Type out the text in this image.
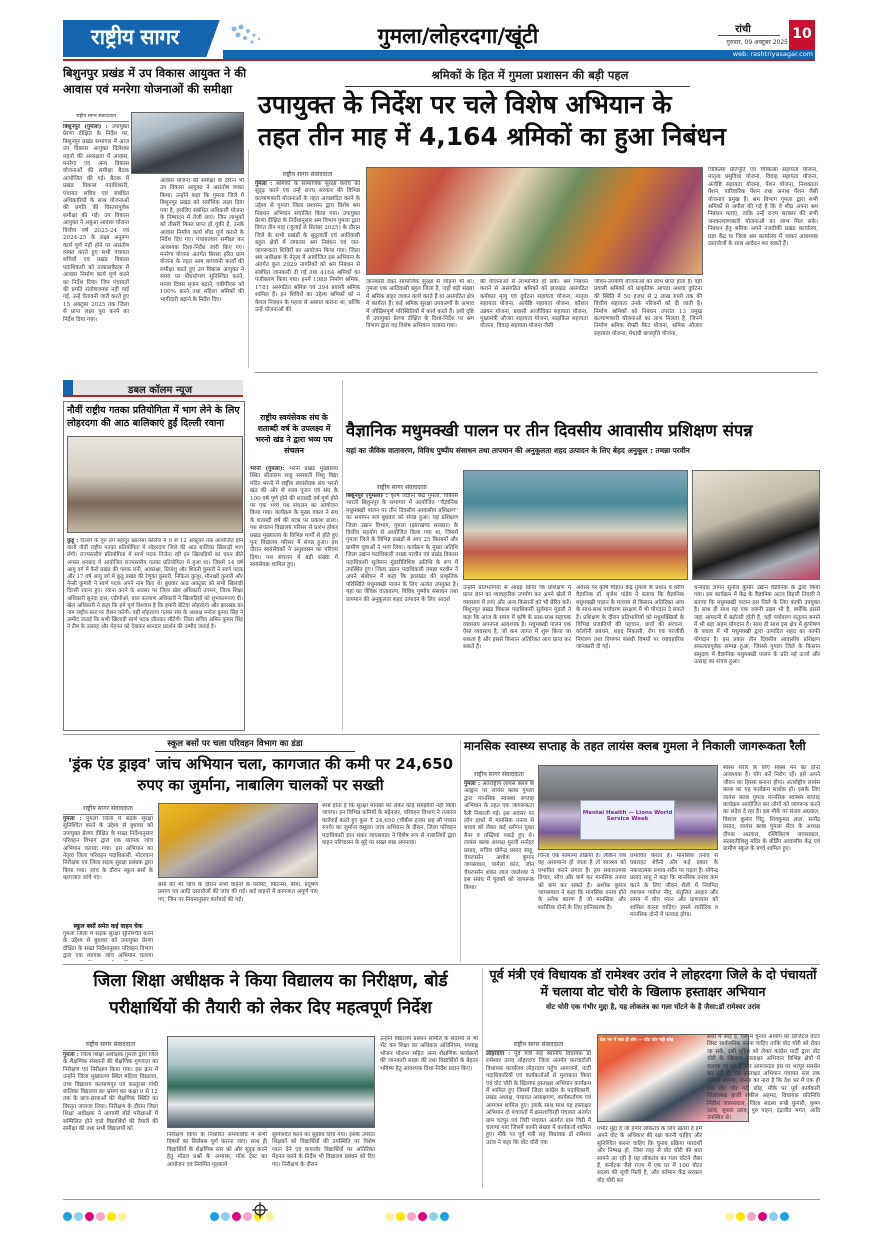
राष्ट्रीय सागर	गुमला/लोहरदगा/खूंटी	रांची
गुरुवार, 09 अक्टूबर 2025
10
web: rashtriyasagar.com
बिशुनपुर प्रखंड में उप विकास आयुक्त ने की आवास एवं मनरेगा योजनाओं की समीक्षा
राष्ट्रीय सागर संवाददाता
बिशुनपुर (गुमला) : उपायुक्त प्रेरणा दीक्षित के निर्देश पर, बिशुनपुर प्रखंड सभागार में आज उप विकास आयुक्त दिलेश्वर महतो की अध्यक्षता में आवास, मनरेगा एवं अन्य विकास योजनाओं की समीक्षा बैठक आयोजित की गई। बैठक में प्रखंड विकास पदाधिकारी, पंचायत सचिव एवं संबंधित अधिकारियों के साथ योजनाओं की प्रगति की विस्तारपूर्वक समीक्षा की गई। उप विकास आयुक्त ने अबुआ आवास योजना वित्तीय वर्ष 2023-24 एवं 2024-25 के लक्ष्य अनुरूप कार्य पूर्ण नहीं होने पर असंतोष व्यक्त करते हुए सभी पंचायत सचिवों एवं प्रखंड विकास पदाधिकारी को तत्कालबैठक में आवास निर्माण कार्य पूर्ण करने का निर्देश दिया। जिन पंचायतों की प्रगति संतोषजनक नहीं पाई गई, उन्हें चेतावनी जारी करते हुए 15 अक्टूबर 2025 तक जिला से प्राप्त लक्ष्य पूरा करने का निर्देश दिया गया।
आवास योजना की समीक्षा के दौरान भी उप विकास आयुक्त ने असंतोष व्यक्त किया। उन्होंने कहा कि गुमला जिले में बिशुनपुर प्रखंड को सर्वाधिक लक्ष्य दिया गया है, इसलिए संबंधित अधिकारी योजना के निष्पादन में तेजी लाएं। जिन लाभुकों को तीसरी किस्त प्राप्त हो चुकी है, उनके आवास निर्माण कार्य शीघ्र पूर्ण कराने के निर्देश दिए गए। पंचायतवार समीक्षा कर आवश्यक दिशा-निर्देश जारी किए गए। मनरेगा योजना अंतर्गत बिरसा हरित ग्राम योजना के तहत आम बागवानी कार्यों की समीक्षा करते हुए उप विकास आयुक्त ने समय पर पौधारोपण सुनिश्चित करने, मानव दिवस सृजन बढ़ाने, एबीपीएस को 100% करने तथा महिला श्रमिकों की भागीदारी बढ़ाने के निर्देश दिए।
श्रमिकों के हित में गुमला प्रशासन की बड़ी पहल
उपायुक्त के निर्देश पर चले विशेष अभियान के
तहत तीन माह में 4,164 श्रमिकों का हुआ निबंधन
राष्ट्रीय सागर संवाददाता
गुमला : श्रमिकों के सामाजिक सुरक्षा कवच को सुदृढ़ करने एवं उन्हें राज्य सरकार की विभिन्न कल्याणकारी योजनाओं के तहत आच्छादित करने के उद्देश्य से गुमला जिला प्रशासन द्वारा विशेष श्रम निबंधन अभियान संचालित किया गया। उपायुक्त प्रेरणा दीक्षित के निर्देशानुसार श्रम विभाग गुमला द्वारा विगत तीन माह (जुलाई से सितंबर 2025) के दौरान जिले के सभी प्रखंडों के सुदूरवर्ती एवं आदिवासी बहुल क्षेत्रों में लगातार श्रम निबंधन एवं जन-जागरूकता शिविरों का आयोजन किया गया। जिला श्रम अधीक्षक के नेतृत्व में आयोजित इस अभियान के अंतर्गत कुल 2929 नागरिकों को श्रम निबंधन से संबंधित जानकारी दी गई तथा 4164 श्रमिकों का पंजीकरण किया गया। इनमें 1989 निर्माण श्रमिक, 1781 असंगठित श्रमिक एवं 394 प्रवासी श्रमिक शामिल हैं। इन शिविरों का उद्देश्य श्रमिकों को न केवल निबंधन के महत्व से अवगत कराना था, बल्कि उन्हें योजनाओं की
जानकारी देकर सामाजिक सुरक्षा से जोड़ना भी था। गुमला एक आदिवासी बहुल जिला है, जहाँ बड़ी संख्या में श्रमिक बाहर जाकर कार्य करते हैं या असंगठित क्षेत्र में कार्यरत हैं। कई श्रमिक सुरक्षा उपकरणों के अभाव में जोखिमपूर्ण परिस्थितियों में कार्य करते हैं। इसी दृष्टि से उपायुक्त प्रेरणा दीक्षित के दिशा-निर्देश पर श्रम विभाग द्वारा यह विशेष अभियान चलाया गया।
की योजनाओं से लाभान्वित हो सकें। श्रम निबंधन कराने से असंगठित श्रमिकों को झारखंड असंगठित कर्मकार मृत्यु एवं दुर्घटना सहायता योजना, मातृत्व सहायता योजना, अंत्येष्टि सहायता योजना, कौशल उन्नयन योजना, प्रवासी आजीविका सहायता योजना, मुख्यमंत्री औजार सहायता योजना, साइकिल सहायता योजना, विवाह सहायता योजना जैसी
जीवन-उपयोगी योजनाओं का लाभ प्राप्त होता है। वहीं प्रवासी श्रमिकों को प्राकृतिक आपदा अथवा दुर्घटना की स्थिति में 50 हजार से 2 लाख रुपये तक की वित्तीय सहायता उनके परिजनों को दी जाती है। निर्माण श्रमिकों को निबंधन उपरांत 13 प्रमुख कल्याणकारी योजनाओं का लाभ मिलता है, जिनमें निर्माण श्रमिक सेफ्टी किट योजना, श्रमिक औजार सहायता योजना, मेधावी छात्रवृत्ति योजना,
चिकित्सा प्रतिपूर्ति एवं चिकित्सा सहायता योजना, मातृत्व प्रसुविधा योजना, विवाह सहायता योजना, अंत्येष्टि सहायता योजना, पेंशन योजना, निशक्तता पेंशन, पारिवारिक पेंशन तथा अनाथ पेंशन जैसी योजनाएं प्रमुख हैं। श्रम विभाग गुमला द्वारा सभी श्रमिकों से अपील की गई है कि वे शीघ्र अपना श्रम निबंधन कराएं, ताकि उन्हें राज्य सरकार की सभी जनकल्याणकारी योजनाओं का लाभ मिल सके। निबंधन हेतु श्रमिक अपने नजदीकी प्रखंड कार्यालय, प्रज्ञा केंद्र या जिला श्रम कार्यालय में जाकर आवश्यक दस्तावेजों के साथ आवेदन कर सकते हैं।
डबल कॉलम न्यूज
नौवीं राष्ट्रीय गतका प्रतियोगिता में भाग लेने के लिए लोहरदगा की आठ बालिकाएं हुईं दिल्ली रवाना
कुडू : दिल्ली के गुरु तेग बहादुर खालसा कॉलेज में 9 से 12 अक्टूबर तक आयोजित होने वाली नौवीं राष्ट्रीय गतका प्रतियोगिता में लोहरदगा जिले की आठ बालिका खिलाड़ी भाग लेंगी। राज्यस्तरीय प्रतियोगिता में स्वर्ण पदक विजेता रहीं इन खिलाड़ियों का चयन बीते अगस्त धनबाद में आयोजित राज्यस्तरीय गतका प्रतियोगिता में हुआ था। जिसमें 14 वर्ष आयु वर्ग में कैरो प्रखंड की पलक रानी, आकांक्षा, प्रियांशु और शिवनी कुमारी ने स्वर्ण पदक और 17 वर्ष आयु वर्ग में कुडू प्रखंड की रेणुका कुमारी, निकिता कुजूर, मीनाक्षी कुमारी और नैन्सी कुमारी ने स्वर्ण पदक अपने नाम किए थे। बुधवार आठ अक्टूबर को सभी खिलाड़ी दिल्ली रवाना हुए। रवाना करने के अवसर पर जिला खेल अधिकारी उपमन, जिला शिक्षा अधिकारी सुनंदा दास, एडीपीओ, बाल कल्याण अधिकारी ने खिलाड़ियों को शुभकामनाएं दीं। खेल अधिकारी ने कहा कि हमें पूर्ण विश्वास है कि हमारी बेटियां लोहरदगा और झारखंड का नाम राष्ट्रीय स्तर पर रौशन करेंगी। वहीं लोहरदगा गतका संघ के अध्यक्ष मनोज कुमार सिंह ने उम्मीद जताई कि सभी खिलाड़ी स्वर्ण पदक जीतकर लौटेंगी। जिला सचिव अमित कुमार सिंह ने टीम के उत्साह और मेहनत को देखकर शानदार प्रदर्शन की उम्मीद जताई है।
राष्ट्रीय स्वयंसेवक संघ के शताब्दी वर्ष के उपलक्ष्य में भरनो खंड ने द्वारा भव्य पथ संचलन
भरनो (गुमला): भरनो प्रखंड मुख्यालय स्थित सीताराम साहू सरस्वती शिशु विद्या मंदिर भरनो में राष्ट्रीय स्वयंसेवक संघ भरनो खंड की ओर से शस्त्र पूजन एवं संघ के 100 वर्ष पूर्ण होने की शताब्दी वर्ष पूर्ण होने पर एक भव्य पथ संचलन का आयोजन किया गया। कार्यक्रम के मुख्य वक्ता ने संघ के शताब्दी वर्ष की यात्रा पर प्रकाश डाला। पथ संचलन विद्यालय परिसर से प्रारंभ होकर प्रखंड मुख्यालय के विभिन्न मार्गों से होते हुए पुनः विद्यालय परिसर में संपन्न हुआ। इस दौरान स्वयंसेवकों ने अनुशासन का परिचय दिया। पथ संचलन में बड़ी संख्या में स्वयंसेवक शामिल हुए।
वैज्ञानिक मधुमक्खी पालन पर तीन दिवसीय आवासीय प्रशिक्षण संपन्न
यहां का जैविक वातावरण, विविध पुष्पीय संसाधन तथा तापमान की अनुकूलता शहद उत्पादन के लिए बेहद अनुकूल : तमन्ना परवीन
राष्ट्रीय सागर संवाददाता
बिशुनपुर (गुमला) : कृषि विज्ञान केंद्र गुमला, विकास भारती बिशुनपुर के सभागार में आयोजित ''वैज्ञानिक मधुमक्खी पालन पर तीन दिवसीय आवासीय प्रशिक्षण'' का समापन सत्र बुधवार को संपन्न हुआ। यह प्रशिक्षण जिला उद्यान विभाग, गुमला (झारखण्ड सरकार) के वित्तीय सहयोग से आयोजित किया गया था, जिसमें गुमला जिले के विभिन्न प्रखंडों से आए 25 किसानों और ग्रामीण युवाओं ने भाग लिया। कार्यक्रम के मुख्य अतिथि जिला उद्यान पदाधिकारी तमन्ना परवीन एवं प्रखंड विकास पदाधिकारी सुलेमान मुंडारीविशिष्ट अतिथि के रूप में उपस्थित हुए। जिला उद्यान पदाधिकारी तमन्ना परवीन ने अपने संबोधन में कहा कि झारखंड की प्राकृतिक परिस्थिति मधुमक्खी पालन के लिए अत्यंत उपयुक्त है। यहां का जैविक वातावरण, विविध पुष्पीय संसाधन तथा तापमान की अनुकूलता शहद उत्पादन के लिए आदर्श
उन्होंने प्रतिभागियों से आग्रह किया कि प्रशिक्षण में प्राप्त ज्ञान का व्यावहारिक उपयोग कर अपने खेतों में व्यवसाय में लाएं और अन्य किसानों को भी प्रेरित करें। बिशुनपुर प्रखंड विकास पदाधिकारी सुलेमान मुंडारी ने कहा कि आज के समय में कृषि के साथ-साथ सहायक व्यवसाय अपनाना आवश्यक है। मधुमक्खी पालन एक ऐसा व्यवसाय है, जो कम लागत में शुरू किया जा सकता है और इससे किसान अतिरिक्त आय प्राप्त कर सकते हैं।
अवसर पर कृषि विज्ञान केंद्र गुमला के प्रधान व वरीय वैज्ञानिक डॉ. बृजेश पांडेय ने बताया कि वैज्ञानिक मधुमक्खी पालन के माध्यम से किसान अतिरिक्त आय के साथ-साथ पर्यावरण संरक्षण में भी योगदान दे सकते हैं। प्रशिक्षण के दौरान प्रतिभागियों को मधुमक्खियों के विभिन्न प्रजातियों की पहचान, छत्तों की संरचना, कॉलोनी प्रबंधन, शहद निकासी, रोग एवं परजीवी नियंत्रण तथा विपणन संबंधी विषयों पर व्यावहारिक जानकारी दी गई।
धन्यवाद ज्ञापन सुनील कुमार उद्यान वैज्ञानिक के द्वारा किया गया। इस कार्यक्रम में केंद्र के वैज्ञानिक अटल बिहारी तिवारी ने बताया कि मधुमक्खी पालन इस जिले के लिए काफी उपयुक्त है। साथ ही साथ यह एक जरूरी उद्यम भी है, क्योंकि इससे जहां आमदनी में बढ़ोतरी होती है, वहीं पर्यावरण संतुलन बनाने में भी बड़ा अहम योगदान है। साथ ही साथ इस क्षेत्र में कुपोषण के बचाव में भी मधुमक्खी द्वारा उत्पादित शहद का काफी योगदान है। इस प्रकार तीन दिवसीय आवासीय प्रशिक्षण सफलतापूर्वक सम्पन्न हुआ, जिससे गुमला जिले के किसान समुदाय में वैज्ञानिक मधुमक्खी पालन के प्रति नई ऊर्जा और उत्साह का संचार हुआ।
स्कूल बसों पर चला परिवहन विभाग का डंडा
'ड्रंक एंड ड्राइव' जांच अभियान चला, कागजात की कमी पर 24,650 रुपए का जुर्माना, नाबालिग चालकों पर सख्ती
राष्ट्रीय सागर संवाददाता
गुमला : गुमला जिला में सड़क सुरक्षा सुनिश्चित करने के उद्देश्य से बुधवार को उपायुक्त प्रेरणा दीक्षित के सख्त निर्देशानुसार परिवहन विभाग द्वारा एक व्यापक जांच अभियान चलाया गया। इस अभियान का नेतृत्व जिला परिवहन पदाधिकारी, मोटरयान निरीक्षक एवं जिला सड़क सुरक्षा प्रबंधक द्वारा किया गया। जांच के दौरान स्कूल बसों के कागजात जांचे गए।
स्कूल बसों समेत कई वाहन चेक
गुमला जिला में सड़क सुरक्षा सुनिश्चित करने के उद्देश्य से बुधवार को उपायुक्त प्रेरणा दीक्षित के सख्त निर्देशानुसार परिवहन विभाग द्वारा एक व्यापक जांच अभियान चलाया
बसों की भी जांच के दौरान सभी वाहनों के परमिट, फिटनेस, बीमा, प्रदूषण प्रमाण पत्र आदि दस्तावेजों की जांच की गई। कई वाहनों में कागजात अपूर्ण पाए गए, जिन पर नियमानुसार कार्रवाई की गई।
स्पष्ट होता है कि सुरक्षा मानकों को लेकर कोई समझौता नहीं किया जाएगा। इन विभिन्न कमियों के मद्देनजर, परिवहन विभाग ने तत्काल कार्रवाई करते हुए कुल ₹ 24,650 (चौबीस हजार छह सौ पचास रुपये) का जुर्माना वसूला। जांच अभियान के दौरान, जिला परिवहन पदाधिकारी ज्ञान शंकर जायसवाल ने विशेष रूप से नाबालिगों द्वारा वाहन परिचालन के मुद्दे पर सख्त रुख अपनाया।
मानसिक स्वास्थ्य सप्ताह के तहत लायंस क्लब गुमला ने निकाली जागरूकता रैली
राष्ट्रीय सागर संवाददाता
गुमला : अंतर्राष्ट्रीय लायंस क्लब के आह्वान पर लायंस क्लब गुमला द्वारा मानसिक स्वास्थ्य सप्ताह अभियान के तहत एक जागरूकता रैली निकाली गई। इस अवसर पर लोग हाथों में मानसिक तनाव से बचाव को लेकर कई स्लोगन युक्त बैनर व तख्तियां पकड़े हुए थे। लायंस क्लब अध्यक्ष मुरली मनोहर प्रसाद, सचिव योगेन्द्र प्रसाद साहू, चेयरपर्सन अशोक कुमार जायसवाल, पामेला कांत, जोन चेयरपर्सन शंकर लाल जालेश्वर ने इस संबंध में युवकों को जागरूक किया।
Mental Health — Lions World Service Week
चिन्ता एक सामान्य प्रक्रिया है। लेकिन जब वह असामान्य हो जाता है तो स्वास्थ्य को प्रभावित करने लगता है। हम सकारात्मक विचार, सोच और कर्म कर मानसिक तनाव को कम कर सकते हैं। अशोक कुमार जायसवाल ने कहा कि मानसिक तनाव होने के अनेक कारण हैं जो मानसिक और शारीरिक दोनों के लिए हानिकारक है।
प्रभावित करता है। मानसिक तनाव से घबराहट बेचैनी और कई प्रकार के नकारात्मक प्रभाव शरीर पर पड़ता है। योगेन्द्र प्रसाद साहू ने कहा कि मानसिक तनाव कम करने के लिए जीवन शैली में नियमित व्यायाम पर्याप्त नींद, संतुलित आहार और समय में योग ध्यान और प्राणायाम को शामिल करना चाहिए। इससे शारीरिक व मानसिक दोनों में फायदा होगा।
स्वस्थ शरीर के लिए स्वस्थ मन का होना आवश्यक है। योग करें निरोग रहें। इसे अपने जीवन का हिस्सा बनाना होगा। अंतर्राष्ट्रीय लायंस क्लब का यह कार्यक्रम सार्थक हो। इसके लिए लायंस क्लब गुमला मानसिक स्वास्थ्य सप्ताह कार्यक्रम आयोजित कर लोगों को जागरूक करने का संदेश दे रहा है। इस मौके पर संजय अग्रवाल, विशाल कुमार चिंटू, शिवकुमार लाल, सत्येंद्र प्रसाद, लायंस क्लब गुमला सेंटर के अध्यक्ष दीपक अग्रवाल, रश्मिकिरण जायसवाल, सरस्वतीशिशु मंदिर के बोर्डिंग आवासीय केंद्र एवं ग्रामीण स्कूल के बच्चे शामिल हुए।
जिला शिक्षा अधीक्षक ने किया विद्यालय का निरीक्षण, बोर्ड परीक्षार्थियों की तैयारी को लेकर दिए महत्वपूर्ण निर्देश
राष्ट्रीय सागर संवाददाता
गुमला : जिला शिक्षा अधीक्षक गुमला द्वारा जिले के शैक्षणिक संस्थानों की शैक्षणिक गुणवत्ता का निरीक्षण एवं निरीक्षण किया गया। इस क्रम में उन्होंने जिला मुख्यालय स्थित महिला विद्यालय, उच्च विद्यालय कल्याणपुर एवं कस्तूरबा गांधी बालिका विद्यालय का भ्रमण कर कक्षा 9 से 12 तक के छात्र-छात्राओं की शैक्षणिक स्थिति का विस्तृत जायजा लिया। निरीक्षण के दौरान जिला शिक्षा अधीक्षक ने आगामी बोर्ड परीक्षाओं में सम्मिलित होने वाले विद्यार्थियों की तैयारी की समीक्षा की तथा सभी विद्यालयों को
निरीक्षण किया के निर्धारित समयावधि में सभी विषयों का सिलेबस पूर्ण कराना जाए। साथ ही विद्यार्थियों के शैक्षणिक स्तर को और सुदृढ़ करने हेतु मॉडल प्रश्नों के अभ्यास, मॉक टेस्ट का आयोजन एवं नियमित गृहकार्य
सुनिश्चित करने का सुझाव दिया गया। इसके उपरांत शिक्षकों को विद्यार्थियों की उपस्थिति पर विशेष ध्यान देने एवं कमजोर विद्यार्थियों पर अतिरिक्त मेहनत करने के निर्देश भी विद्यालय प्रबंधन को दिए गए। निरीक्षण के दौरान
उन्होंने विद्यालय प्रबंधन समिति के सदस्यों से भी भेंट कर शिक्षा का अधिकार अधिनियम, मध्याह्न भोजन योजना सहित अन्य शैक्षणिक कार्यक्रमों की जानकारी साझा की तथा विद्यार्थियों के बेहतर भविष्य हेतु आवश्यक दिशा-निर्देश प्रदान किए।
पूर्व मंत्री एवं विधायक डॉ रामेश्वर उरांव ने लोहरदगा जिले के दो पंचायतों में चलाया वोट चोरी के खिलाफ हस्ताक्षर अभियान
वोट चोरी एक गंभीर मुद्दा है, यह लोकतंत्र का गला घोंटने के है जैसा:डॉ रामेश्वर उरांव
राष्ट्रीय सागर संवाददाता
लोहरदगा : पूर्व मंत्री सह स्थानीय विधायक डॉ रामेश्वर उरांव लोहरदगा जिला अंतर्गत करचाटोली विधायक कार्यालय लोहरदगा पहुँच आमजनों, पार्टी पदाधिकारियों एवं कार्यकर्ताओं से मुलाकात किया एवं वोट चोरी के खिलाफ हस्ताक्षर अभियान कार्यक्रम में शामिल हुए जिसमें जिला कांग्रेस के पदाधिकारी, प्रखंड अध्यक्ष, पंचायत अध्यक्षगण, कार्यकर्तागण एवं आमजन शामिल हुए। इसके साथ साथ यह हस्ताक्षर अभियान दो पंचायतों में क्रमशःचिरही पंचायत अंतर्गत ग्राम चटपुर एवं चिरी पंचायत अंतर्गत ग्राम चिरी में चलाया गया जिसमें काफी संख्या में कार्यकर्ता शामिल हुए। मौके पर पूर्व मंत्री सह विधायक डॉ रामेश्वर उरांव ने कहा कि वोट चोरी एक
देश भर में एक ही शोर — वोट चोर गद्दी छोड़
गंभीर मुद्दा है जो हमारे लोकतंत्र के लिए खतरा है हमें अपने वोट के अधिकार की रक्षा करनी चाहिए और सुनिश्चित करना चाहिए कि चुनाव प्रक्रिया पारदर्शी और निष्पक्ष हो, जिस तरह से वोट चोरी की बात सामने आ रही है यह लोकतंत्र का गला घोंटने जैसा है, कर्नाटक जैसे राज्य में एक घर में 100 वोटर सदस्य की सूची मिली है, और वर्तमान केंद्र सरकार वोट चोरी कर
सत्ता में आई है, ऐसे में चुनाव आयोग को डिजिटल वोटर लिस्ट सार्वजनिक करना चाहिए ताकि वोट चोरी को रोका जा सके, इसी मुहिम को लेकर कांग्रेस पार्टी द्वारा वोट चोरी के खिलाफ हस्ताक्षर अभियान विभिन्न क्षेत्रों में चलाया जा रहा है और आमजनता इस पर भरपूर समर्थन कर रही है, यह हस्ताक्षर अभियान पंचायत स्तर तक चलाया जाएगा, जनता का नारा है कि देश भर में एक ही शोर वोट चोर गद्दी छोड़, मौके पर पूर्व कार्यकारी जिलाध्यक्ष हाजी शकील अहमद, विधायक प्रतिनिधि नितीश जायसवाल, जिला सदस्य रूबी कुमारी, कृष्ण उरांव, सुकरा उरांव, पुरु पाहन, इंद्रजीत भगत, आदि उपस्थित थे।
